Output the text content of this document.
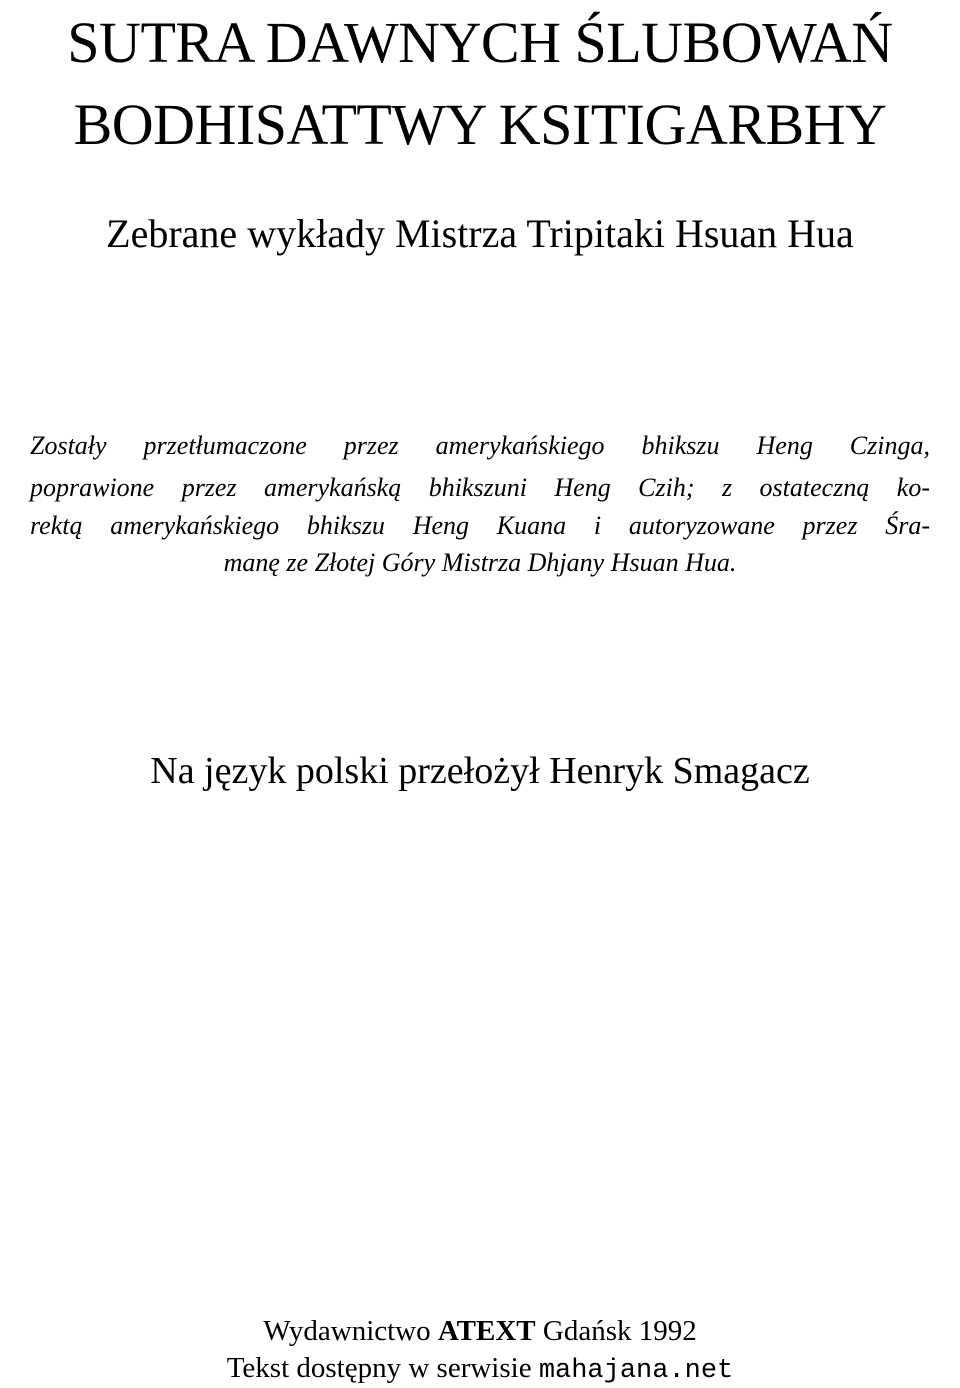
SUTRA DAWNYCH ŚLUBOWAŃ
BODHISATTWY KSITIGARBHY
Zebrane wykłady Mistrza Tripitaki Hsuan Hua
Zostały przetłumaczone przez amerykańskiego bhikszu Heng Czinga,
poprawione przez amerykańską bhikszuni Heng Czih; z ostateczną ko-
rektą amerykańskiego bhikszu Heng Kuana i autoryzowane przez Śra-
manę ze Złotej Góry Mistrza Dhjany Hsuan Hua.
Na język polski przełożył Henryk Smagacz
Wydawnictwo ATEXT Gdańsk 1992
Tekst dostępny w serwisie mahajana.net
